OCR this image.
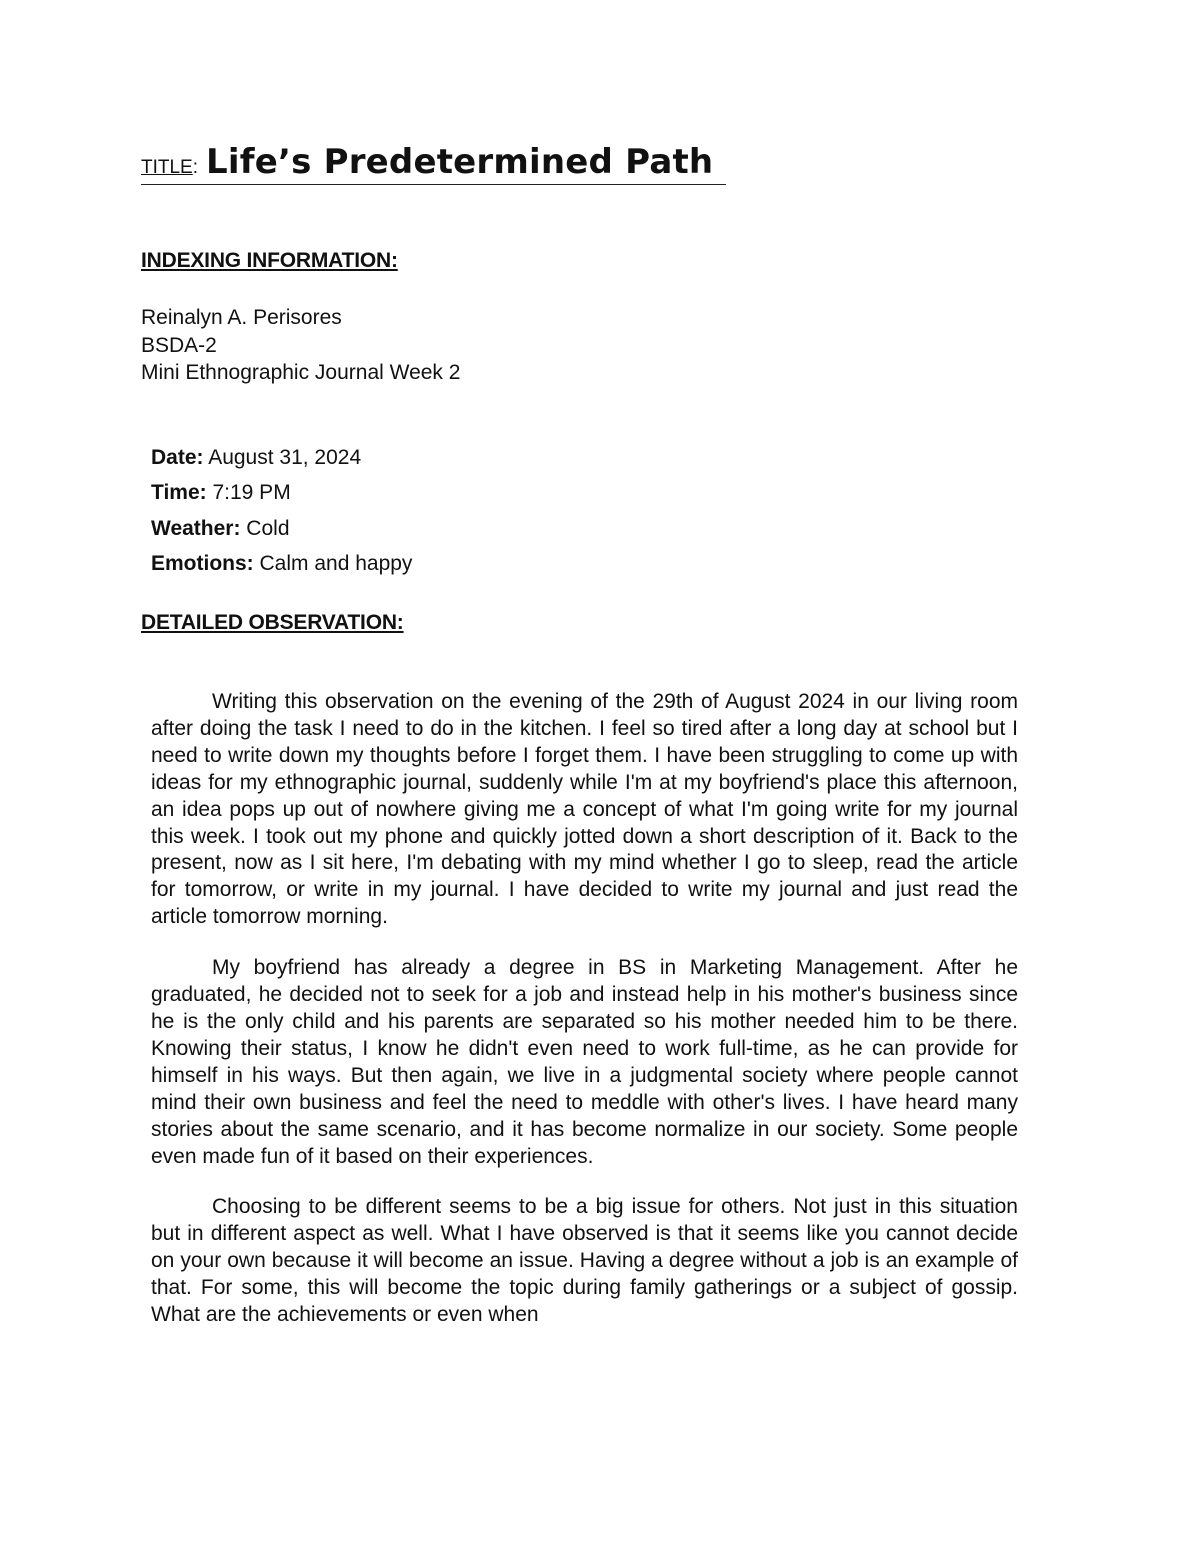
TITLE: Life’s Predetermined Path
INDEXING INFORMATION:
Reinalyn A. Perisores
BSDA-2
Mini Ethnographic Journal Week 2
Date: August 31, 2024
Time: 7:19 PM
Weather: Cold
Emotions: Calm and happy
DETAILED OBSERVATION:

Writing this observation on the evening of the 29th of August 2024 in our living room after doing the task I need to do in the kitchen. I feel so tired after a long day at school but I need to write down my thoughts before I forget them. I have been struggling to come up with ideas for my ethnographic journal, suddenly while I'm at my boyfriend's place this afternoon, an idea pops up out of nowhere giving me a concept of what I'm going write for my journal this week. I took out my phone and quickly jotted down a short description of it. Back to the present, now as I sit here, I'm debating with my mind whether I go to sleep, read the article for tomorrow, or write in my journal. I have decided to write my journal and just read the article tomorrow morning.

My boyfriend has already a degree in BS in Marketing Management. After he graduated, he decided not to seek for a job and instead help in his mother's business since he is the only child and his parents are separated so his mother needed him to be there. Knowing their status, I know he didn't even need to work full-time, as he can provide for himself in his ways. But then again, we live in a judgmental society where people cannot mind their own business and feel the need to meddle with other's lives. I have heard many stories about the same scenario, and it has become normalize in our society. Some people even made fun of it based on their experiences.

Choosing to be different seems to be a big issue for others. Not just in this situation but in different aspect as well. What I have observed is that it seems like you cannot decide on your own because it will become an issue. Having a degree without a job is an example of that. For some, this will become the topic during family gatherings or a subject of gossip. What are the achievements or even when
